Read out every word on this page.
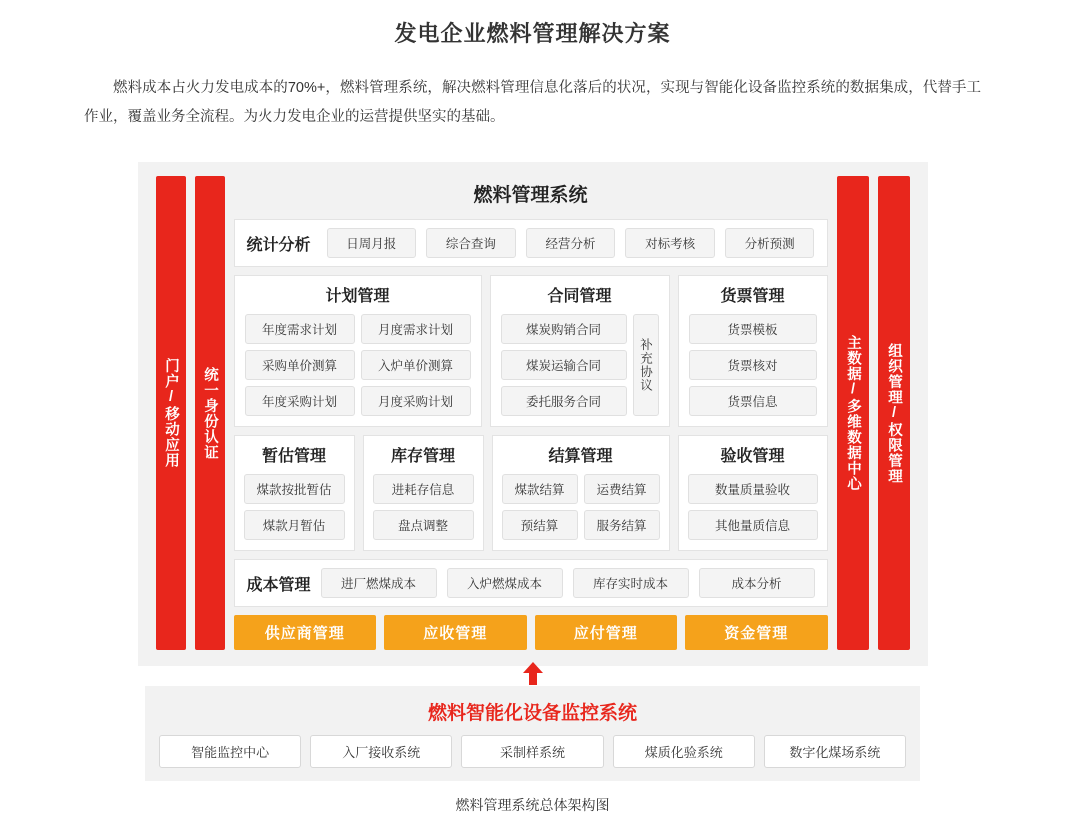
发电企业燃料管理解决方案

燃料成本占火力发电成本的70%+，燃料管理系统，解决燃料管理信息化落后的状况，实现与智能化设备监控系统的数据集成，代替手工作业，覆盖业务全流程。为火力发电企业的运营提供坚实的基础。

门户/移动应用 统一身份认证
燃料管理系统
统计分析	日周月报	综合查询	经营分析	对标考核	分析预测
计划管理
年度需求计划	月度需求计划
采购单价测算	入炉单价测算
年度采购计划	月度采购计划
合同管理
煤炭购销合同
煤炭运输合同
委托服务合同
补充协议
货票管理
货票模板
货票核对
货票信息
暂估管理
煤款按批暂估
煤款月暂估
库存管理
进耗存信息
盘点调整
结算管理
煤款结算	运费结算
预结算	服务结算
验收管理
数量质量验收
其他量质信息
成本管理	进厂燃煤成本	入炉燃煤成本	库存实时成本	成本分析
供应商管理	应收管理	应付管理	资金管理
主数据/多维数据中心 组织管理/权限管理
燃料智能化设备监控系统
智能监控中心	入厂接收系统	采制样系统	煤质化验系统	数字化煤场系统
燃料管理系统总体架构图
